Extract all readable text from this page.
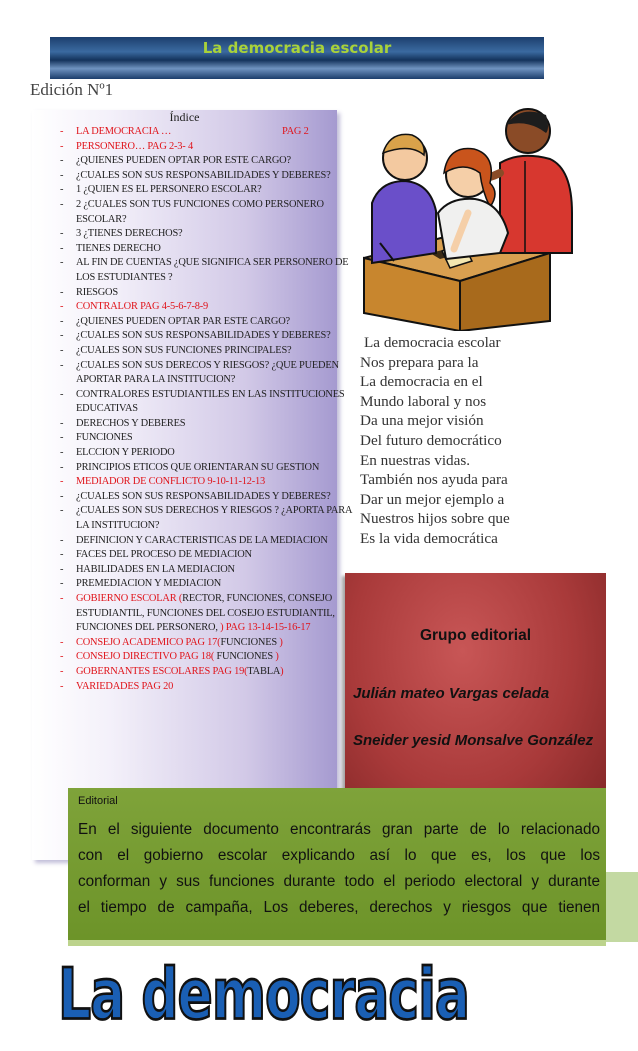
La democracia escolar
Edición Nº1
Índice
- LA DEMOCRACIA …	PAG 2
- PERSONERO… PAG 2-3- 4
- ¿QUIENES PUEDEN OPTAR POR ESTE CARGO?
- ¿CUALES SON SUS RESPONSABILIDADES Y DEBERES?
- 1 ¿QUIEN ES EL PERSONERO ESCOLAR?
- 2 ¿CUALES SON TUS FUNCIONES COMO PERSONERO ESCOLAR?
- 3 ¿TIENES DERECHOS?
- TIENES DERECHO
- AL FIN DE CUENTAS ¿QUE SIGNIFICA SER PERSONERO DE LOS ESTUDIANTES ?
- RIESGOS
- CONTRALOR PAG 4-5-6-7-8-9
- ¿QUIENES PUEDEN OPTAR PAR ESTE CARGO?
- ¿CUALES SON SUS RESPONSABILIDADES Y DEBERES?
- ¿CUALES SON SUS FUNCIONES PRINCIPALES?
- ¿CUALES SON SUS DERECOS Y RIESGOS? ¿QUE PUEDEN APORTAR PARA LA INSTITUCION?
- CONTRALORES ESTUDIANTILES EN LAS INSTITUCIONES EDUCATIVAS
- DERECHOS Y DEBERES
- FUNCIONES
- ELCCION Y PERIODO
- PRINCIPIOS ETICOS QUE ORIENTARAN SU GESTION
- MEDIADOR DE CONFLICTO 9-10-11-12-13
- ¿CUALES SON SUS RESPONSABILIDADES Y DEBERES?
- ¿CUALES SON SUS DERECHOS Y RIESGOS ? ¿APORTA PARA LA INSTITUCION?
- DEFINICION Y CARACTERISTICAS DE LA MEDIACION
- FACES DEL PROCESO DE MEDIACION
- HABILIDADES EN LA MEDIACION
- PREMEDIACION Y MEDIACION
- GOBIERNO ESCOLAR (RECTOR, FUNCIONES, CONSEJO ESTUDIANTIL, FUNCIONES DEL COSEJO ESTUDIANTIL, FUNCIONES DEL PERSONERO, ) PAG 13-14-15-16-17
- CONSEJO ACADEMICO PAG 17(FUNCIONES )
- CONSEJO DIRECTIVO PAG 18( FUNCIONES )
- GOBERNANTES ESCOLARES PAG 19(TABLA)
- VARIEDADES PAG 20
La democracia escolar
Nos prepara para la
La democracia en el
Mundo laboral y nos
Da una mejor visión
Del futuro democrático
En nuestras vidas.
También nos ayuda para
Dar un mejor ejemplo a
Nuestros hijos sobre que
Es la vida democrática
Grupo editorial
Julián mateo Vargas celada
Sneider yesid Monsalve González
Editorial
En el siguiente documento encontrarás gran parte de lo relacionado
con el gobierno escolar explicando así lo que es, los que los
conforman y sus funciones durante todo el periodo electoral y durante
el tiempo de campaña, Los deberes, derechos y riesgos que tienen
La democracia
